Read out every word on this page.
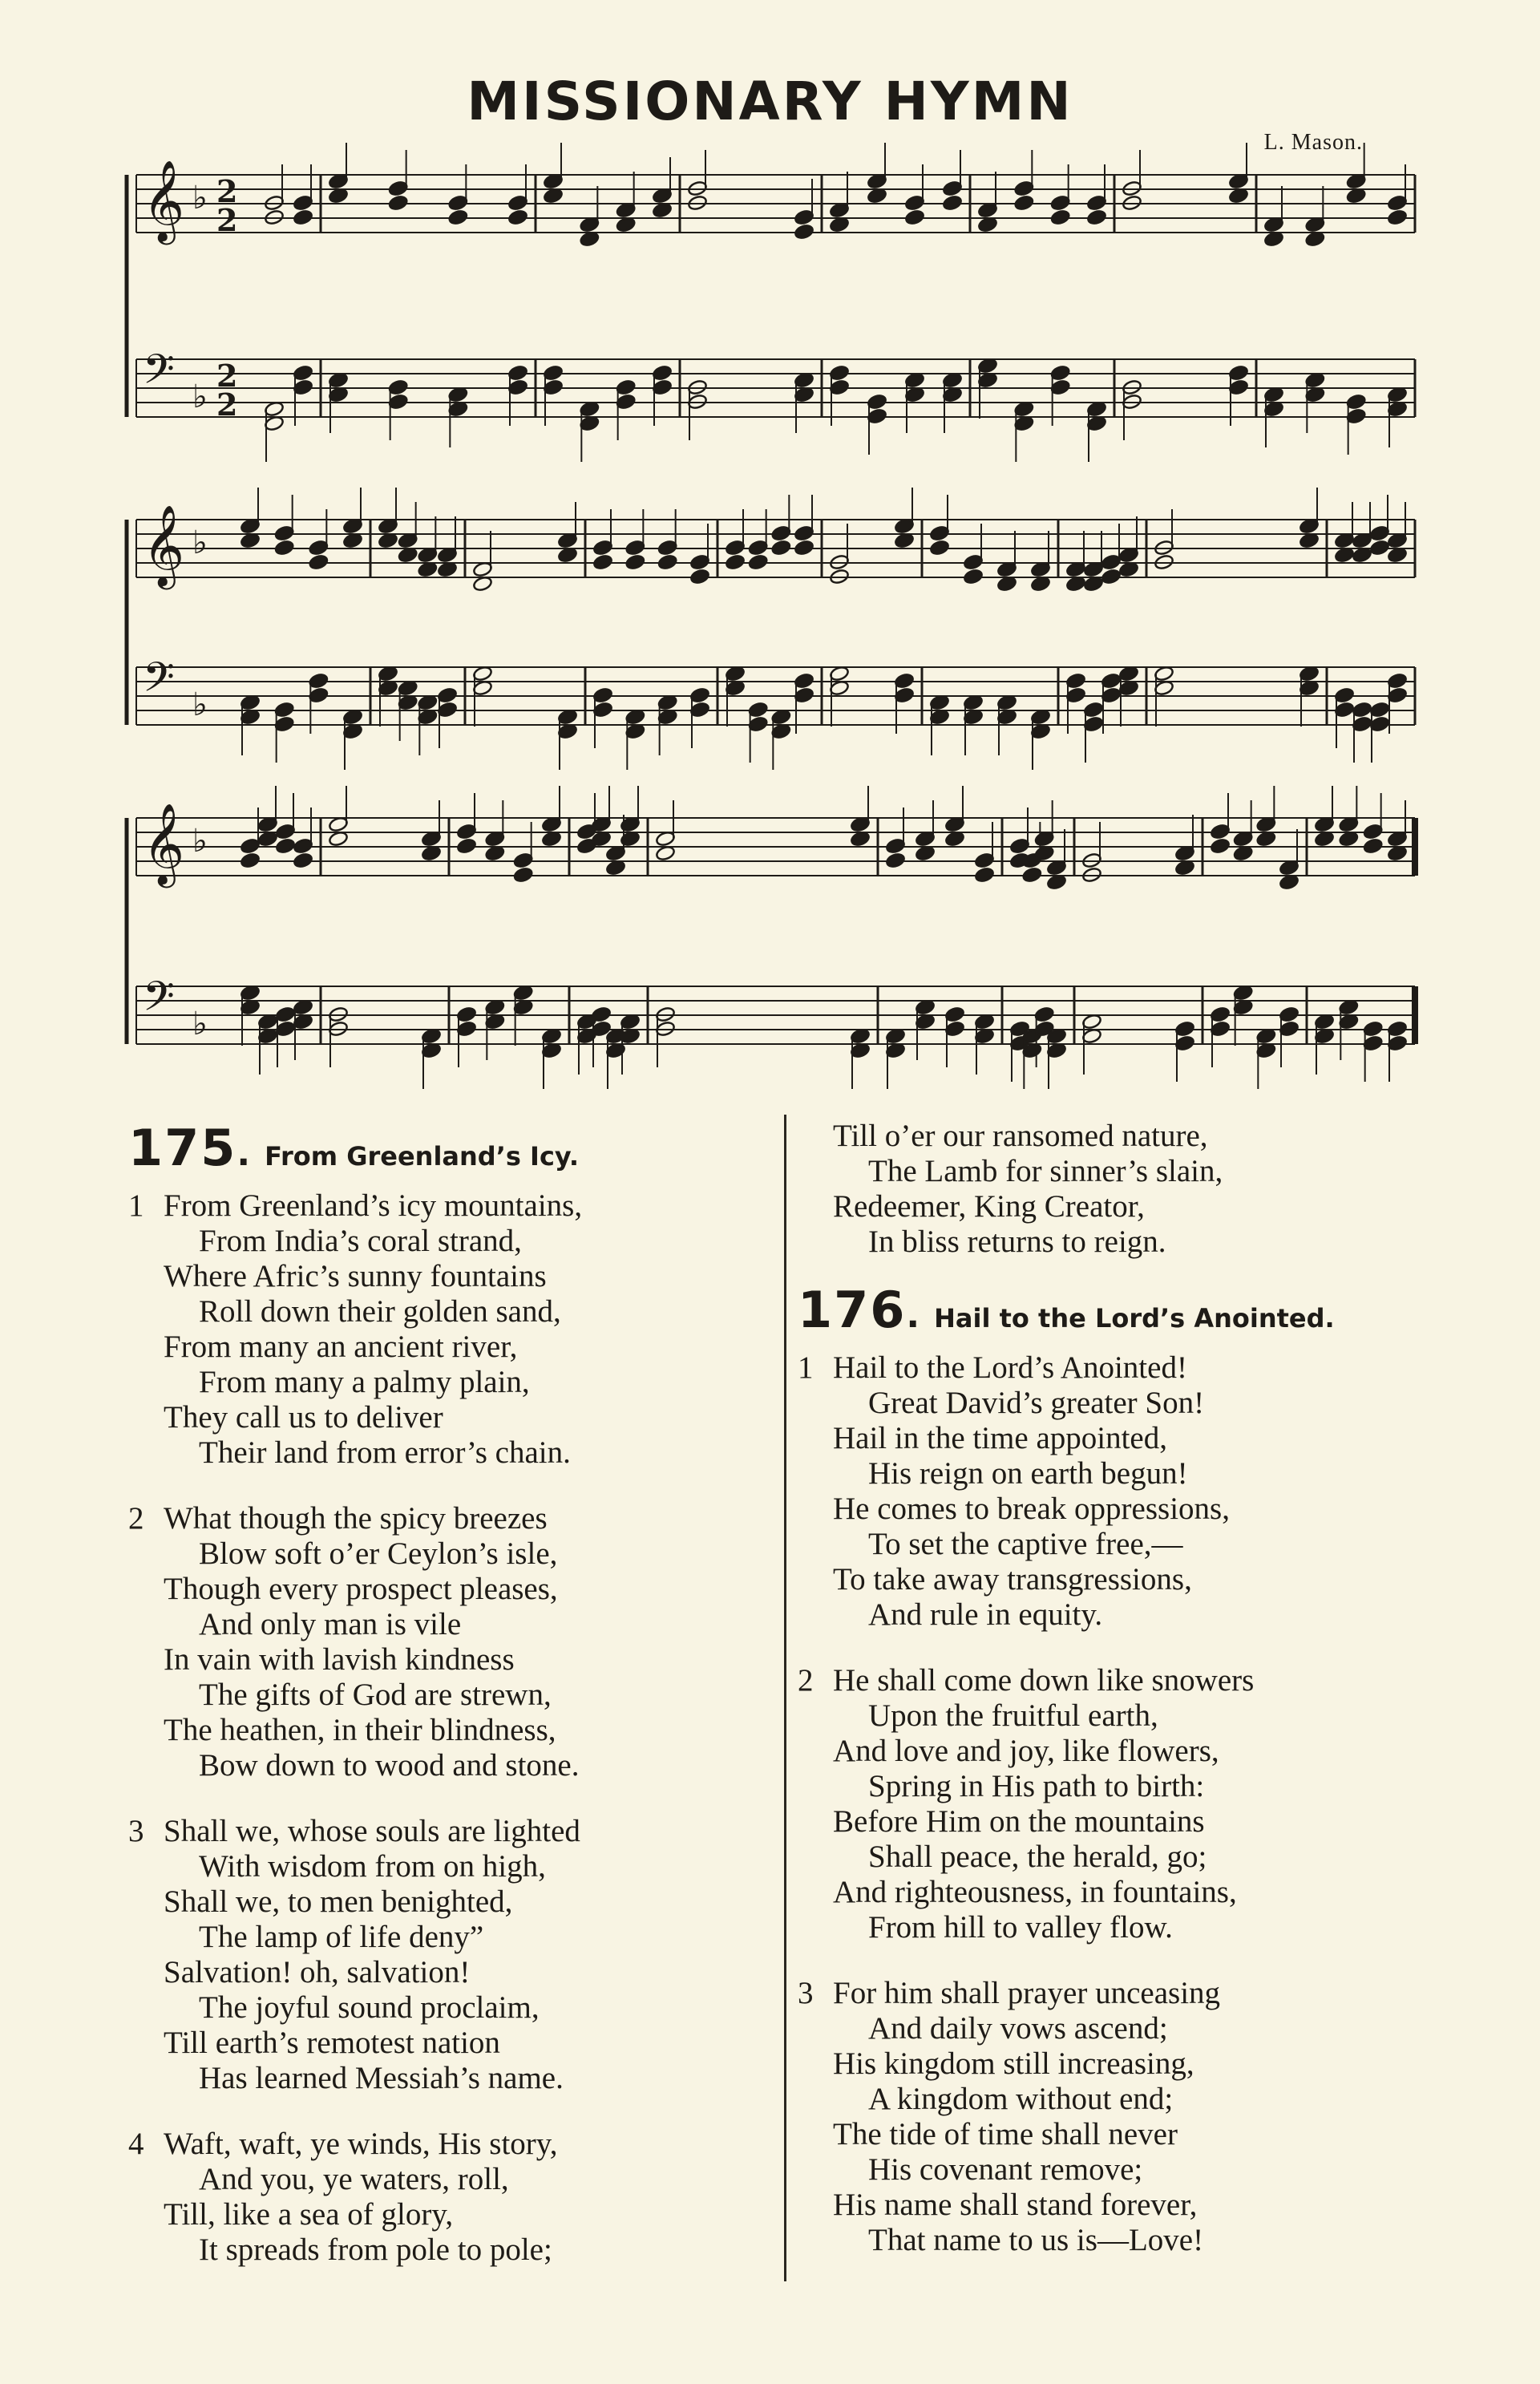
MISSIONARY HYMN
L. Mason.
𝄞 ♭ 2
2
𝄢 ♭
2
2
𝄞 ♭
𝄢 ♭
𝄞 ♭
𝄢 ♭
175 . From Greenland’s Icy.
1 From Greenland’s icy mountains,
From India’s coral strand,
Where Afric’s sunny fountains
Roll down their golden sand,
From many an ancient river,
From many a palmy plain,
They call us to deliver
Their land from error’s chain.
2 What though the spicy breezes
Blow soft o’er Ceylon’s isle,
Though every prospect pleases,
And only man is vile
In vain with lavish kindness
The gifts of God are strewn,
The heathen, in their blindness,
Bow down to wood and stone.
3 Shall we, whose souls are lighted
With wisdom from on high,
Shall we, to men benighted,
The lamp of life deny”
Salvation! oh, salvation!
The joyful sound proclaim,
Till earth’s remotest nation
Has learned Messiah’s name.
4 Waft, waft, ye winds, His story,
And you, ye waters, roll,
Till, like a sea of glory,
It spreads from pole to pole;
Till o’er our ransomed nature,
The Lamb for sinner’s slain,
Redeemer, King Creator,
In bliss returns to reign.
176 . Hail to the Lord’s Anointed.
1 Hail to the Lord’s Anointed!
Great David’s greater Son!
Hail in the time appointed,
His reign on earth begun!
He comes to break oppressions,
To set the captive free,—
To take away transgressions,
And rule in equity.
2 He shall come down like snowers
Upon the fruitful earth,
And love and joy, like flowers,
Spring in His path to birth:
Before Him on the mountains
Shall peace, the herald, go;
And righteousness, in fountains,
From hill to valley flow.
3 For him shall prayer unceasing
And daily vows ascend;
His kingdom still increasing,
A kingdom without end;
The tide of time shall never
His covenant remove;
His name shall stand forever,
That name to us is—Love!
